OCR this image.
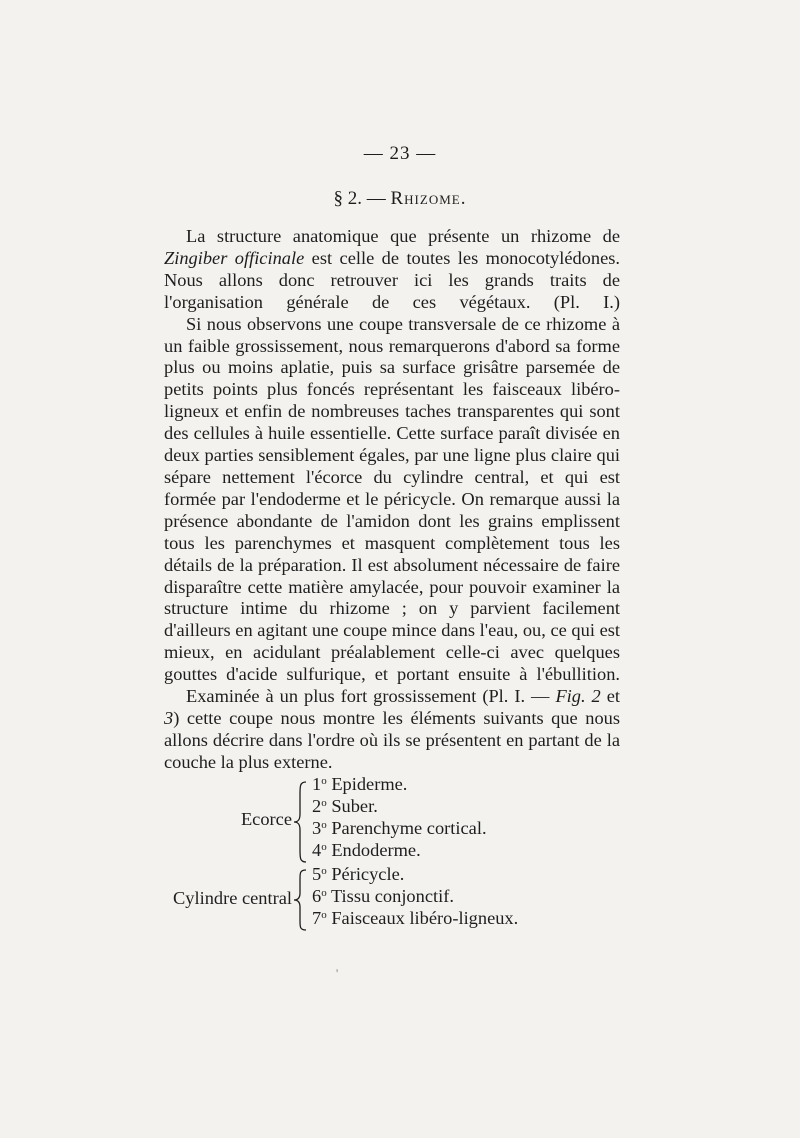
— 23 —
§ 2. — Rhizome.

La structure anatomique que présente un rhizome de Zingiber officinale est celle de toutes les monocotylédones. Nous allons donc retrouver ici les grands traits de l'organisation générale de ces végétaux. (Pl. I.)

Si nous observons une coupe transversale de ce rhizome à un faible grossissement, nous remarquerons d'abord sa forme plus ou moins aplatie, puis sa surface grisâtre parsemée de petits points plus foncés représentant les faisceaux libéro-ligneux et enfin de nombreuses taches transparentes qui sont des cellules à huile essentielle. Cette surface paraît divisée en deux parties sensiblement égales, par une ligne plus claire qui sépare nettement l'écorce du cylindre central, et qui est formée par l'endoderme et le péricycle. On remarque aussi la présence abondante de l'amidon dont les grains emplissent tous les parenchymes et masquent complètement tous les détails de la préparation. Il est absolument nécessaire de faire disparaître cette matière amylacée, pour pouvoir examiner la structure intime du rhizome ; on y parvient facilement d'ailleurs en agitant une coupe mince dans l'eau, ou, ce qui est mieux, en acidulant préalablement celle-ci avec quelques gouttes d'acide sulfurique, et portant ensuite à l'ébullition.

Examinée à un plus fort grossissement (Pl. I. — Fig. 2 et 3) cette coupe nous montre les éléments suivants que nous allons décrire dans l'ordre où ils se présentent en partant de la couche la plus externe.

Ecorce
1$^o$ Epiderme.
2$^o$ Suber.
3$^o$ Parenchyme cortical.
4$^o$ Endoderme.
Cylindre central
5$^o$ Péricycle.
6$^o$ Tissu conjonctif.
7$^o$ Faisceaux libéro-ligneux.
'
